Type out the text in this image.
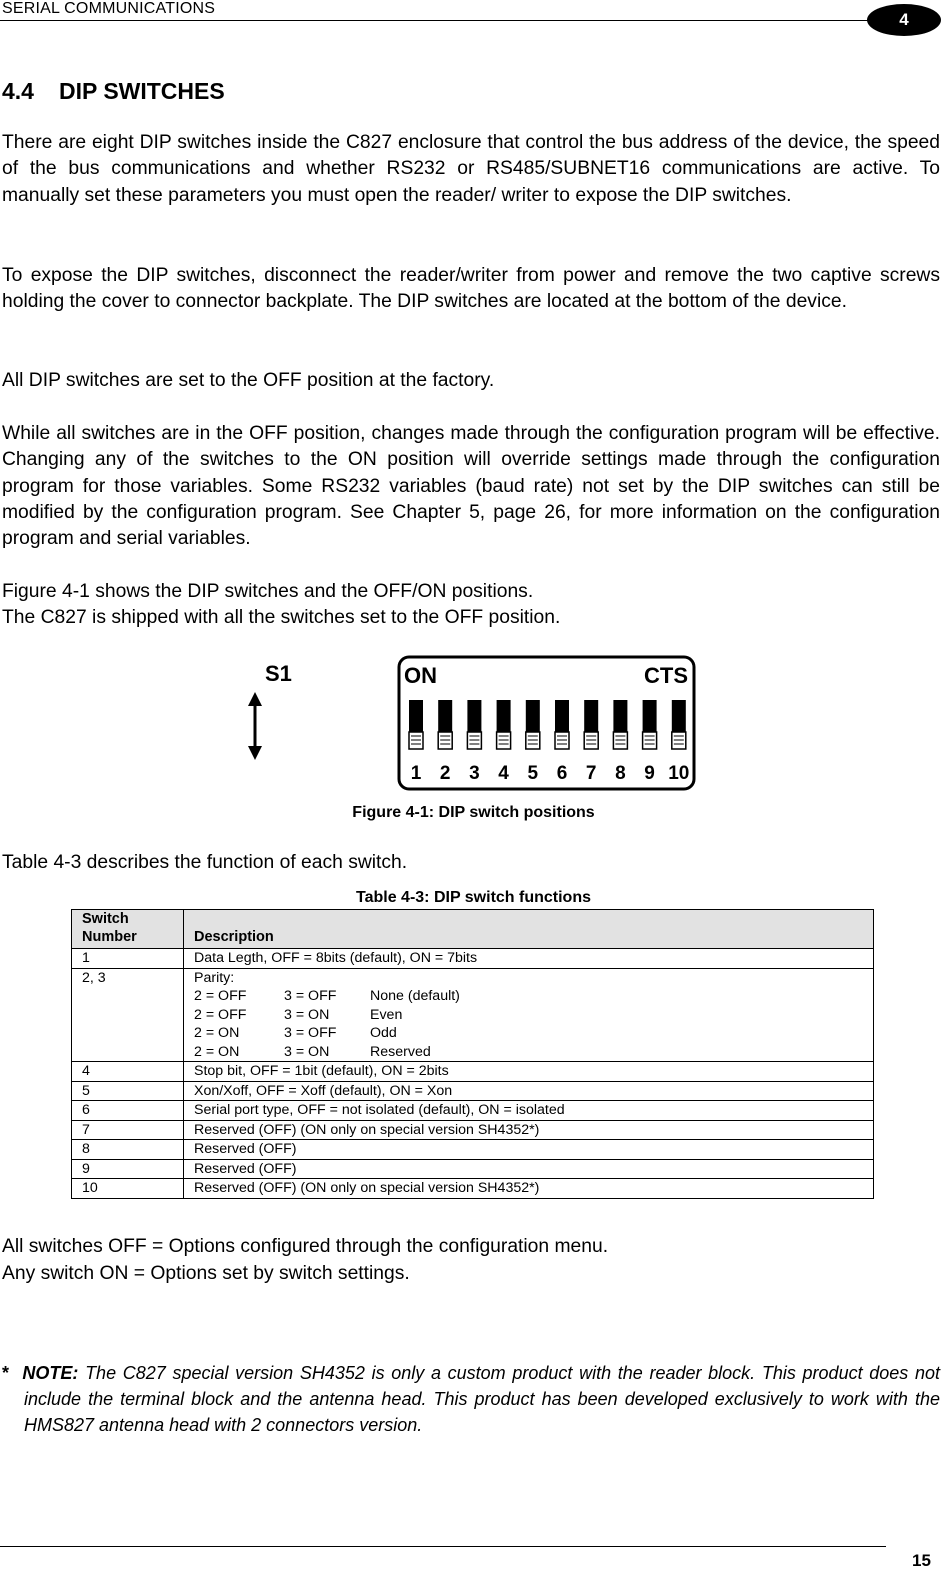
SERIAL COMMUNICATIONS
4
4.4 DIP SWITCHES

There are eight DIP switches inside the C827 enclosure that control the bus address of the device, the speed of the bus communications and whether RS232 or RS485/SUBNET16 communications are active. To manually set these parameters you must open the reader/ writer to expose the DIP switches.

To expose the DIP switches, disconnect the reader/writer from power and remove the two captive screws holding the cover to connector backplate. The DIP switches are located at the bottom of the device.

All DIP switches are set to the OFF position at the factory.

While all switches are in the OFF position, changes made through the configuration program will be effective. Changing any of the switches to the ON position will override settings made through the configuration program for those variables. Some RS232 variables (baud rate) not set by the DIP switches can still be modified by the configuration program. See Chapter 5, page 26, for more information on the configuration program and serial variables.

Figure 4-1 shows the DIP switches and the OFF/ON positions.

The C827 is shipped with all the switches set to the OFF position.

S1	ON	CTS
1 2 3 4 5 6 7 8 9 10
Figure 4-1: DIP switch positions

Table 4-3 describes the function of each switch.

Table 4-3: DIP switch functions
Switch
Number	Description
1	Data Legth, OFF = 8bits (default), ON = 7bits
2, 3	Parity:
2 = OFF 3 = OFF None (default)
2 = OFF 3 = ON Even
2 = ON 3 = OFF Odd
2 = ON 3 = ON Reserved

4	Stop bit, OFF = 1bit (default), ON = 2bits
5	Xon/Xoff, OFF = Xoff (default), ON = Xon
6	Serial port type, OFF = not isolated (default), ON = isolated
7	Reserved (OFF) (ON only on special version SH4352*)
8	Reserved (OFF)
9	Reserved (OFF)
10	Reserved (OFF) (ON only on special version SH4352*)

All switches OFF = Options configured through the configuration menu.

Any switch ON = Options set by switch settings.

* NOTE: The C827 special version SH4352 is only a custom product with the reader block. This product does not include the terminal block and the antenna head. This product has been developed exclusively to work with the HMS827 antenna head with 2 connectors version.
15
